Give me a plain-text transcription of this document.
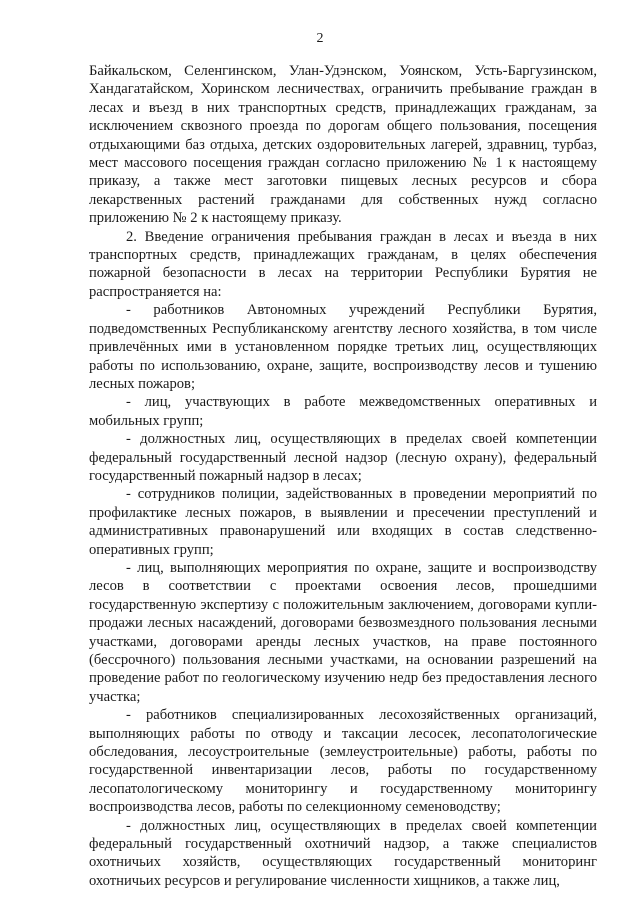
2

Байкальском, Селенгинском, Улан-Удэнском, Уоянском, Усть-Баргузинском, Хандагатайском, Хоринском лесничествах, ограничить пребывание граждан в лесах и въезд в них транспортных средств, принадлежащих гражданам, за исключением сквозного проезда по дорогам общего пользования, посещения отдыхающими баз отдыха, детских оздоровительных лагерей, здравниц, турбаз, мест массового посещения граждан согласно приложению № 1 к настоящему приказу, а также мест заготовки пищевых лесных ресурсов и сбора лекарственных растений гражданами для собственных нужд согласно приложению № 2 к настоящему приказу.

2. Введение ограничения пребывания граждан в лесах и въезда в них транспортных средств, принадлежащих гражданам, в целях обеспечения пожарной безопасности в лесах на территории Республики Бурятия не распространяется на:

- работников Автономных учреждений Республики Бурятия, подведомственных Республиканскому агентству лесного хозяйства, в том числе привлечённых ими в установленном порядке третьих лиц, осуществляющих работы по использованию, охране, защите, воспроизводству лесов и тушению лесных пожаров;

- лиц, участвующих в работе межведомственных оперативных и мобильных групп;

- должностных лиц, осуществляющих в пределах своей компетенции федеральный государственный лесной надзор (лесную охрану), федеральный государственный пожарный надзор в лесах;

- сотрудников полиции, задействованных в проведении мероприятий по профилактике лесных пожаров, в выявлении и пресечении преступлений и административных правонарушений или входящих в состав следственно-оперативных групп;

- лиц, выполняющих мероприятия по охране, защите и воспроизводству лесов в соответствии с проектами освоения лесов, прошедшими государственную экспертизу с положительным заключением, договорами купли-продажи лесных насаждений, договорами безвозмездного пользования лесными участками, договорами аренды лесных участков, на праве постоянного (бессрочного) пользования лесными участками, на основании разрешений на проведение работ по геологическому изучению недр без предоставления лесного участка;

- работников специализированных лесохозяйственных организаций, выполняющих работы по отводу и таксации лесосек, лесопатологические обследования, лесоустроительные (землеустроительные) работы, работы по государственной инвентаризации лесов, работы по государственному лесопатологическому мониторингу и государственному мониторингу воспроизводства лесов, работы по селекционному семеноводству;

- должностных лиц, осуществляющих в пределах своей компетенции федеральный государственный охотничий надзор, а также специалистов охотничьих хозяйств, осуществляющих государственный мониторинг охотничьих ресурсов и регулирование численности хищников, а также лиц,
